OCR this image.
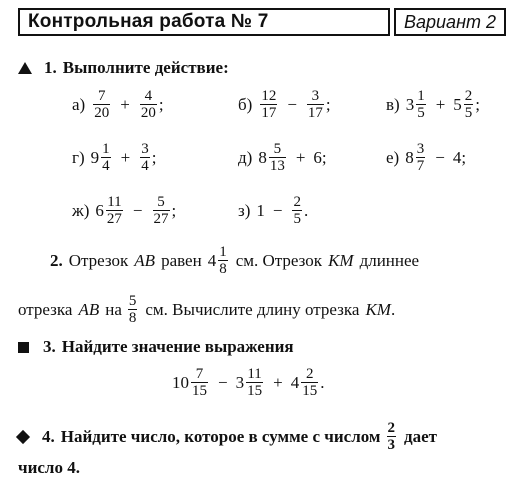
Контрольная работа № 7	Вариант 2
1. Выполните действие:
$а) \frac{7}{20} + \frac{4}{20}$ ;	$б) \frac{12}{17} - \frac{3}{17}$ ;	в) $3 \frac{1}{5} + 5 \frac{2}{5}$ ;
г) $9 \frac{1}{4} + \frac{3}{4}$ ;	д) $8 \frac{5}{13} + 6$;	е) $8 \frac{3}{7} - 4$;
ж) $6 \frac{11}{27} - \frac{5}{27}$ ;	з) $1 - \frac{2}{5}$ .
2. Отрезок AB равен $4 \frac{1}{8}$ см. Отрезок KM длиннее
отрезка AB на $\frac{5}{8}$ см. Вычислите длину отрезка KM .
3. Найдите значение выражения
$10 \frac{7}{15} - 3 \frac{11}{15} + 4 \frac{2}{15}$ .
4. Найдите число, которое в сумме с числом $\frac{2}{3}$ дает
число 4.
